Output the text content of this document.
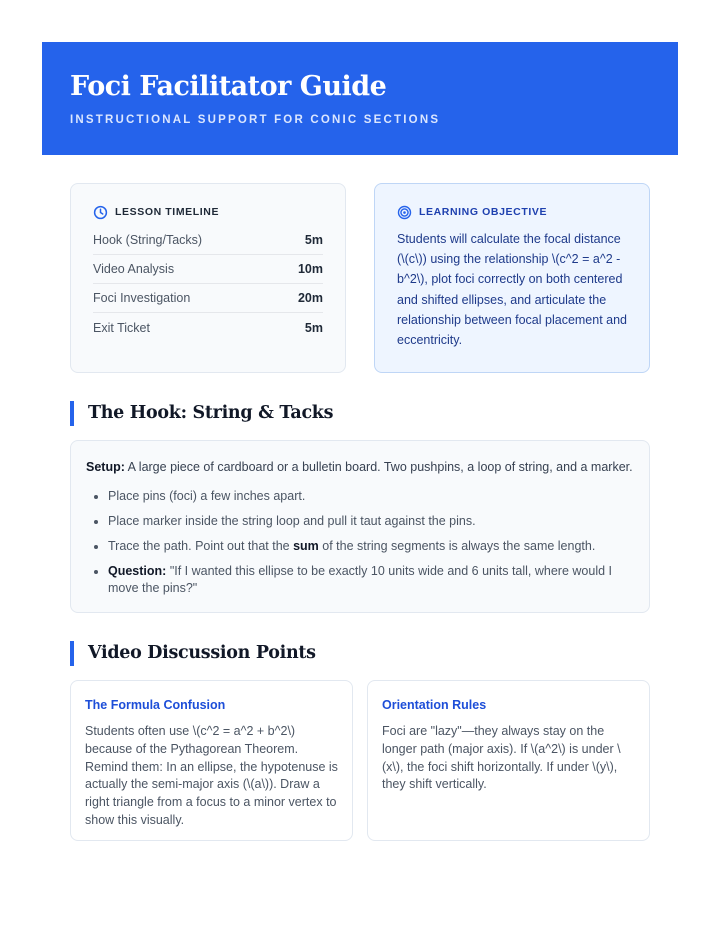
Foci Facilitator Guide
INSTRUCTIONAL SUPPORT FOR CONIC SECTIONS
LESSON TIMELINE
Hook (String/Tacks)	5m
Video Analysis	10m
Foci Investigation	20m
Exit Ticket	5m
LEARNING OBJECTIVE

Students will calculate the focal distance (\(c\)) using the relationship \(c^2 = a^2 - b^2\), plot foci correctly on both centered and shifted ellipses, and articulate the relationship between focal placement and eccentricity.

The Hook: String & Tacks

Setup: A large piece of cardboard or a bulletin board. Two pushpins, a loop of string, and a marker.

• Place pins (foci) a few inches apart.
• Place marker inside the string loop and pull it taut against the pins.
• Trace the path. Point out that the sum of the string segments is always the same length.
• Question: "If I wanted this ellipse to be exactly 10 units wide and 6 units tall, where would I move the pins?"
Video Discussion Points
The Formula Confusion

Students often use \(c^2 = a^2 + b^2\) because of the Pythagorean Theorem. Remind them: In an ellipse, the hypotenuse is actually the semi-major axis (\(a\)). Draw a right triangle from a focus to a minor vertex to show this visually.

Orientation Rules

Foci are "lazy"—they always stay on the longer path (major axis). If \(a^2\) is under \(x\), the foci shift horizontally. If under \(y\), they shift vertically.
